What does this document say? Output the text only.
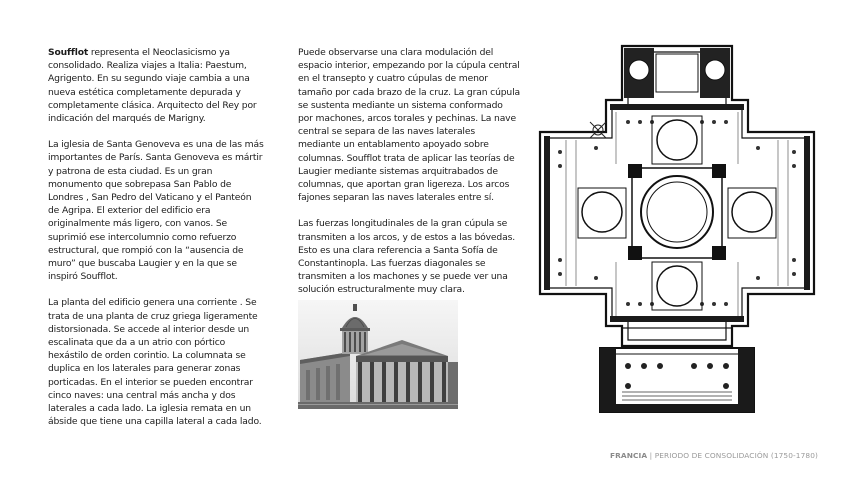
Soufflot representa el Neoclasicismo ya consolidado. Realiza viajes a Italia: Paestum, Agrigento. En su segundo viaje cambia a una nueva estética completamente depurada y completamente clásica. Arquitecto del Rey por indicación del marqués de Marigny.

La iglesia de Santa Genoveva es una de las más importantes de París. Santa Genoveva es mártir y patrona de esta ciudad. Es un gran monumento que sobrepasa San Pablo de Londres , San Pedro del Vaticano y el Panteón de Agripa. El exterior del edificio era originalmente más ligero, con vanos. Se suprimió ese intercolumnio como refuerzo estructural, que rompió con la “ausencia de muro” que buscaba Laugier y en la que se inspiró Soufflot.

La planta del edificio genera una corriente . Se trata de una planta de cruz griega ligeramente distorsionada. Se accede al interior desde un escalinata que da a un atrio con pórtico hexástilo de orden corintio. La columnata se duplica en los laterales para generar zonas porticadas. En el interior se pueden encontrar cinco naves: una central más ancha y dos laterales a cada lado. La iglesia remata en un ábside que tiene una capilla lateral a cada lado.

Puede observarse una clara modulación del espacio interior, empezando por la cúpula central en el transepto y cuatro cúpulas de menor tamaño por cada brazo de la cruz. La gran cúpula se sustenta mediante un sistema conformado por machones, arcos torales y pechinas. La nave central se separa de las naves laterales mediante un entablamento apoyado sobre columnas. Soufflot trata de aplicar las teorías de Laugier mediante sistemas arquitrabados de columnas, que aportan gran ligereza. Los arcos fajones separan las naves laterales entre sí.

Las fuerzas longitudinales de la gran cúpula se transmiten a los arcos, y de estos a las bóvedas. Esto es una clara referencia a Santa Sofía de Constantinopla. Las fuerzas diagonales se transmiten a los machones y se puede ver una solución estructuralmente muy clara.

FRANCIA | PERIODO DE CONSOLIDACIÓN (1750-1780)
